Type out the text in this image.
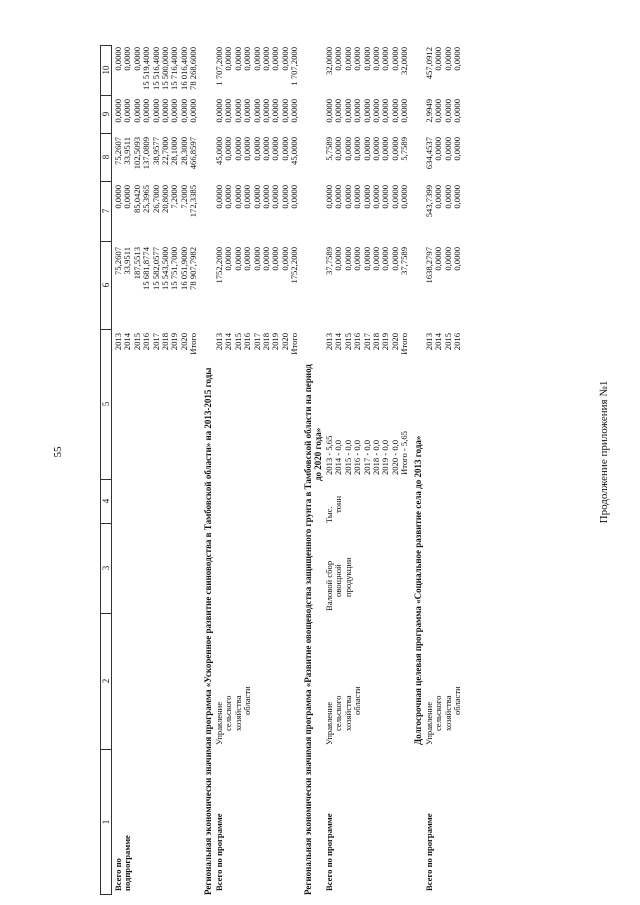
Продолжение приложения №1
55
1
2
3
4
5
6
7
8
9
10
Всего по подпрограмме
2013 2014 2015 2016 2017 2018 2019 2020 Итого
75,2607 33,9511 187,5513 15 681,8774 15 582,0577 15 543,5000 15 751,7000 16 051,9000 78 907,7982
0,0000 0,0000 85,0420 25,3965 26,7000 20,8000 7,2000 7,2000 172,3385
75,2607 33,9511 102,5093 137,0809 38,9577 22,7000 28,1000 28,3000 466,8597
0,0000 0,0000 0,0000 0,0000 0,0000 0,0000 0,0000 0,0000 0,0000
0,0000 0,0000 0,0000 15 519,4000 15 516,4000 15 500,0000 15 716,4000 16 016,4000 78 268,6000
Региональная экономически значимая программа «Ускоренное развитие свиноводства в Тамбовской области» на 2013-2015 годы Всего по программе
Управление сельского хозяйства области
2013 2014 2015 2016 2017 2018 2019 2020 Итого
1752,2000 0,0000 0,0000 0,0000 0,0000 0,0000 0,0000 0,0000 1752,2000
0,0000 0,0000 0,0000 0,0000 0,0000 0,0000 0,0000 0,0000 0,0000
45,0000 0,0000 0,0000 0,0000 0,0000 0,0000 0,0000 0,0000 45,0000
0,0000 0,0000 0,0000 0,0000 0,0000 0,0000 0,0000 0,0000 0,0000
1 707,2000 0,0000 0,0000 0,0000 0,0000 0,0000 0,0000 0,0000 1 707,2000
Региональная экономически значимая программа «Развитие овощеводства защищенного грунта в Тамбовской области на период до 2020 года»
Всего по программе
Управление сельского хозяйства области
Валовой сбор овощной продукции
Тыс.
тонн
2013 - 5,65 2014 - 0,0 2015 - 0,0 2016 - 0,0 2017 - 0,0 2018 - 0,0 2019 - 0,0 2020 - 0,0 Итого - 5,65
2013 2014 2015 2016 2017 2018 2019 2020 Итого
37,7589 0,0000 0,0000 0,0000 0,0000 0,0000 0,0000 0,0000 37,7589
0,0000 0,0000 0,0000 0,0000 0,0000 0,0000 0,0000 0,0000 0,0000
5,7589 0,0000 0,0000 0,0000 0,0000 0,0000 0,0000 0,0000 5,7589
0,0000 0,0000 0,0000 0,0000 0,0000 0,0000 0,0000 0,0000 0,0000
32,0000 0,0000 0,0000 0,0000 0,0000 0,0000 0,0000 0,0000 32,0000
Долгосрочная целевая программа «Социальное развитие села до 2013 года»
Всего по программе
Управление сельского хозяйства области
2013 2014 2015 2016
1638,2797 0,0000 0,0000 0,0000
543,7399 0,0000 0,0000 0,0000
634,4537 0,0000 0,0000 0,0000
2,9949 0,0000 0,0000 0,0000
457,0912 0,0000 0,0000 0,0000
